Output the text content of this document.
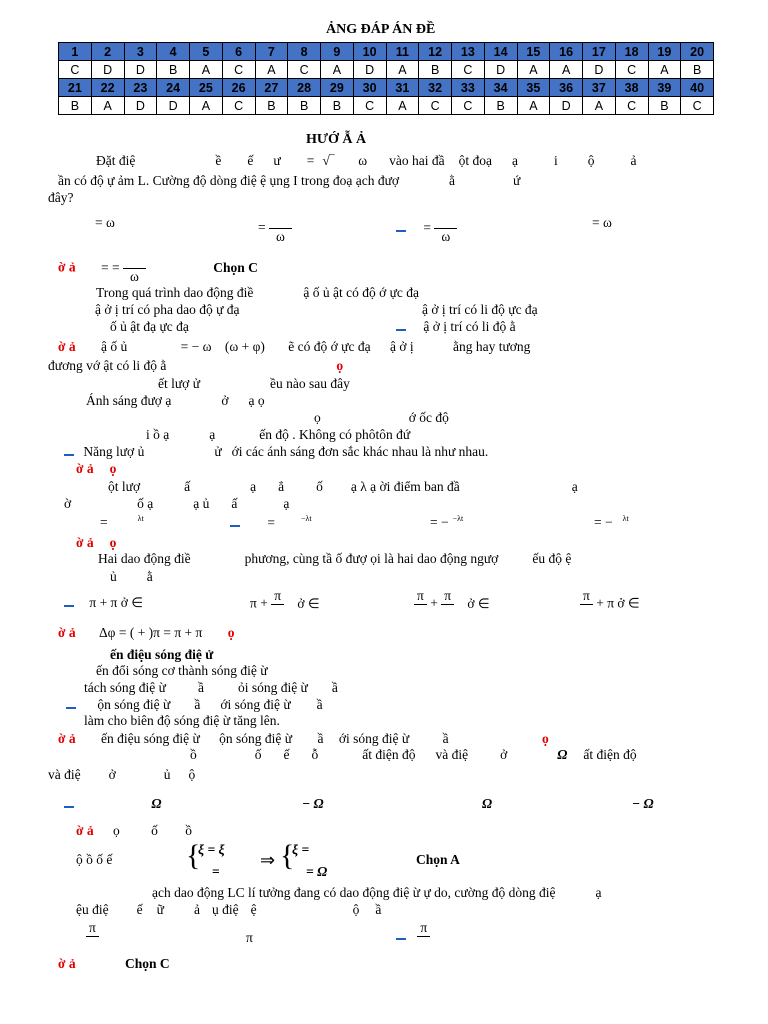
ẢNG ĐÁP ÁN ĐỀ
1	2	3	4	5	6	7	8	9	10	11	12	13	14	15	16	17	18	19	20
C	D	D	B	A	C	A	C	A	D	A	B	C	D	A	A	D	C	A	B
21	22	23	24	25	26	27	28	29	30	31	32	33	34	35	36	37	38	39	40
B	A	D	D	A	C	B	B	B	C	A	C	C	B	A	D	A	C	B	C
HƯỚ Ẫ Ả
Đặt điệ	ề ế ư = √‾ ω vào hai đầ ột đoạ ạ	i ộ	ả
ần có độ ự ảm L. Cường độ dòng điệ ệ ụng I trong đoạ ạch đượ	ằ	ứ
đây?
= ω	=

ω
=

ω
= ω
ờ ả = =

ω
Chọn C
Trong quá trình dao động điề	ậ ố ủ ật có độ ớ ực đạ
ậ ở ị trí có pha dao độ ự đạ	ậ ở ị trí có li độ ực đạ
ố ủ ật đạ ực đạ	ậ ở ị trí có li độ ằ
ờ ả ậ ố ủ	= − ω (ω + φ) ẽ có độ ớ ực đạ ậ ở ị	ằng hay tương
đương vớ ật có li độ ằ	ọ
ết lượ ử	ều nào sau đây
Ánh sáng đượ ạ	ở ạ ọ
ọ	ớ ốc độ
i ồ ạ	ạ	ến độ . Không có phôtôn đứ
Năng lượ ủ	ử ới các ánh sáng đơn sắc khác nhau là như nhau.
ờ ả ọ
ột lượ	ấ	ạ ẳ ố ạ λ ạ ời điểm ban đầ	ạ
ờ	ố ạ	ạ ủ ấ	ạ
=	$^{\lambda t}$	=	$^{-\lambda t}$	= − $^{-\lambda t}$	= − $^{\lambda t}$
ờ ả ọ
Hai dao động điề	phương, cùng tầ ố đượ ọi là hai dao động ngượ	ếu độ ệ
ủ ằ
π + π ở ∈	π +
π

ở ∈
π

+
π

ở ∈
π

+ π ở ∈
ờ ả Δφ = ( + )π = π + π ọ
ến điệu sóng điệ ử
ến đổi sóng cơ thành sóng điệ ừ
tách sóng điệ ừ ầ	ỏi sóng điệ ừ ầ
ộn sóng điệ ừ ầ ới sóng điệ ừ ầ
làm cho biên độ sóng điệ ừ tăng lên.
ờ ả ến điệu sóng điệ ừ ộn sóng điệ ừ ầ ới sóng điệ ừ ầ	ọ
ồ	ố ế ỗ	ất điện độ và điệ ở	Ω ất điện độ
và điệ ở	ủ ộ
Ω	− Ω	Ω	− Ω
ờ ả ọ ố ồ
ộ ồ ố ế {
ξ = ξ
=
⇒ {
ξ =
= Ω
Chọn A
ạch dao động LC lí tưởng đang có dao động điệ ừ ự do, cường độ dòng điệ	ạ
ệu điệ ế ữ ả ụ điệ ệ	ộ ầ
π

π

π

ờ ả	Chọn C
